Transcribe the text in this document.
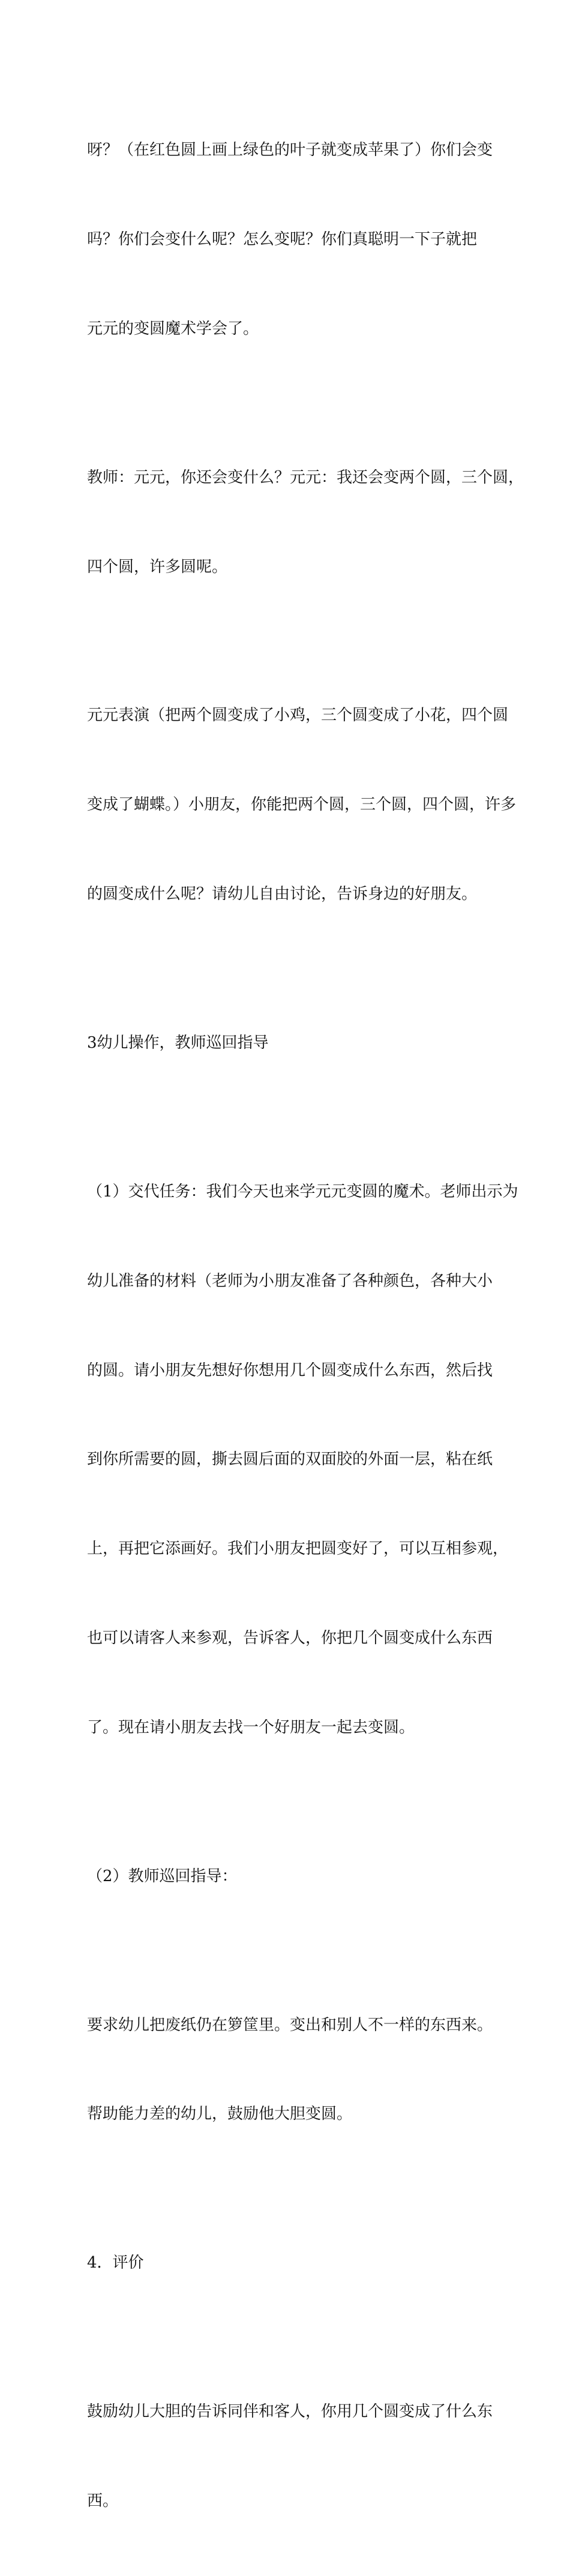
呀？（在红色圆上画上绿色的叶子就变成苹果了）你们会变

吗？你们会变什么呢？怎么变呢？你们真聪明一下子就把

元元的变圆魔术学会了。

教师：元元，你还会变什么？元元：我还会变两个圆，三个圆，

四个圆，许多圆呢。

元元表演（把两个圆变成了小鸡，三个圆变成了小花，四个圆

变成了蝴蝶。）小朋友，你能把两个圆，三个圆，四个圆，许多

的圆变成什么呢？请幼儿自由讨论，告诉身边的好朋友。

3幼儿操作，教师巡回指导

（1）交代任务：我们今天也来学元元变圆的魔术。老师出示为

幼儿准备的材料（老师为小朋友准备了各种颜色，各种大小

的圆。请小朋友先想好你想用几个圆变成什么东西，然后找

到你所需要的圆，撕去圆后面的双面胶的外面一层，粘在纸

上，再把它添画好。我们小朋友把圆变好了，可以互相参观，

也可以请客人来参观，告诉客人，你把几个圆变成什么东西

了。现在请小朋友去找一个好朋友一起去变圆。

（2）教师巡回指导：

要求幼儿把废纸仍在箩筐里。变出和别人不一样的东西来。

帮助能力差的幼儿，鼓励他大胆变圆。

4．评价

鼓励幼儿大胆的告诉同伴和客人，你用几个圆变成了什么东

西。
